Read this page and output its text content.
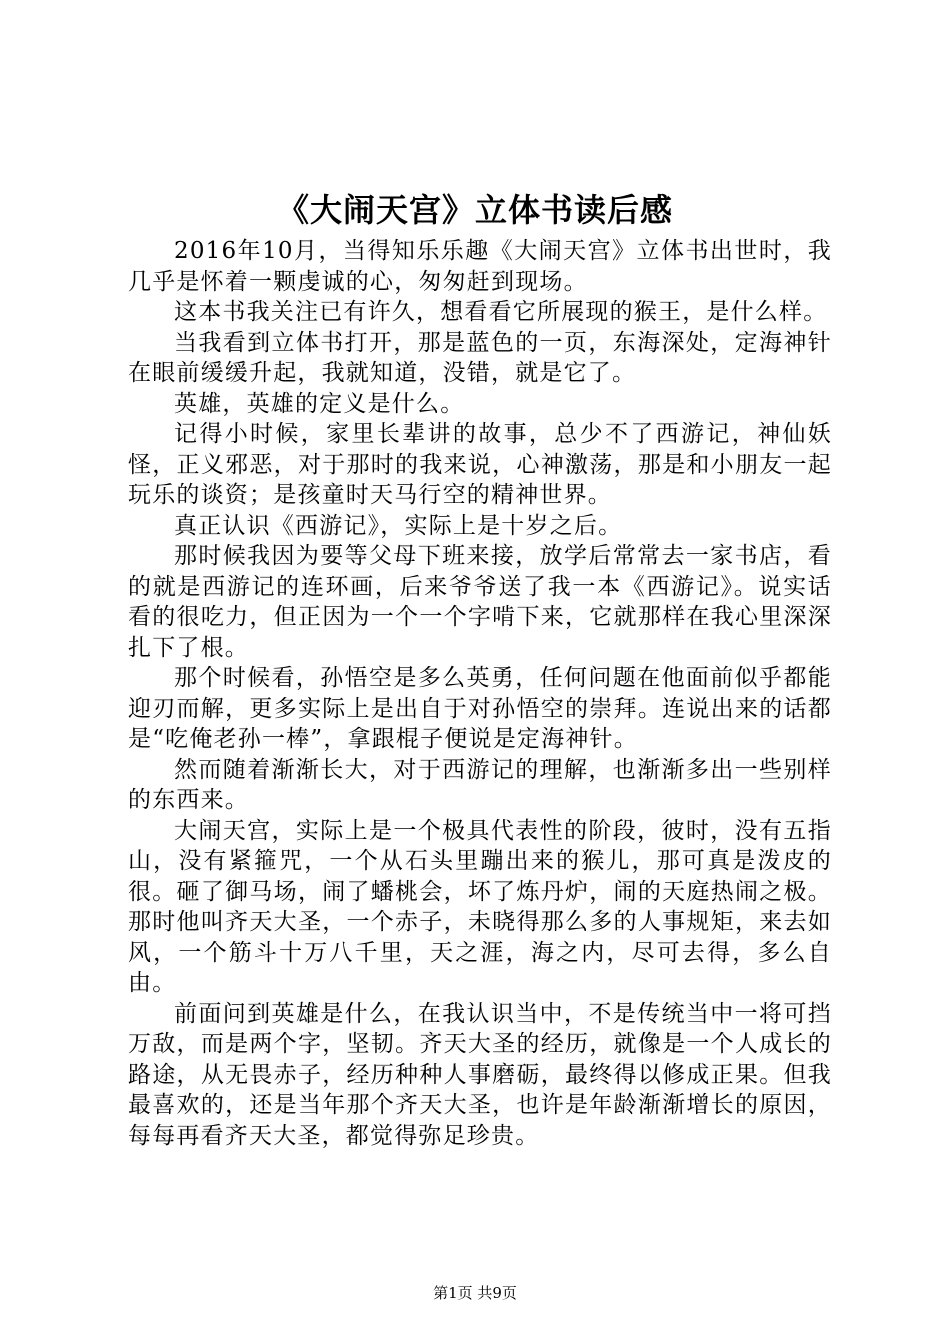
《大闹天宫》立体书读后感

2016年10月，当得知乐乐趣《大闹天宫》立体书出世时，我几乎是怀着一颗虔诚的心，匆匆赶到现场。

这本书我关注已有许久，想看看它所展现的猴王，是什么样。

当我看到立体书打开，那是蓝色的一页，东海深处，定海神针在眼前缓缓升起，我就知道，没错，就是它了。

英雄，英雄的定义是什么。

记得小时候，家里长辈讲的故事，总少不了西游记，神仙妖怪，正义邪恶，对于那时的我来说，心神激荡，那是和小朋友一起玩乐的谈资；是孩童时天马行空的精神世界。

真正认识《西游记》，实际上是十岁之后。

那时候我因为要等父母下班来接，放学后常常去一家书店，看的就是西游记的连环画，后来爷爷送了我一本《西游记》。说实话看的很吃力，但正因为一个一个字啃下来，它就那样在我心里深深扎下了根。

那个时候看，孙悟空是多么英勇，任何问题在他面前似乎都能迎刃而解，更多实际上是出自于对孙悟空的崇拜。连说出来的话都是“吃俺老孙一棒”，拿跟棍子便说是定海神针。

然而随着渐渐长大，对于西游记的理解，也渐渐多出一些别样的东西来。

大闹天宫，实际上是一个极具代表性的阶段，彼时，没有五指山，没有紧箍咒，一个从石头里蹦出来的猴儿，那可真是泼皮的很。砸了御马场，闹了蟠桃会，坏了炼丹炉，闹的天庭热闹之极。那时他叫齐天大圣，一个赤子，未晓得那么多的人事规矩，来去如风，一个筋斗十万八千里，天之涯，海之内，尽可去得，多么自由。

前面问到英雄是什么，在我认识当中，不是传统当中一将可挡万敌，而是两个字，坚韧。齐天大圣的经历，就像是一个人成长的路途，从无畏赤子，经历种种人事磨砺，最终得以修成正果。但我最喜欢的，还是当年那个齐天大圣，也许是年龄渐渐增长的原因，每每再看齐天大圣，都觉得弥足珍贵。

第1页 共9页
